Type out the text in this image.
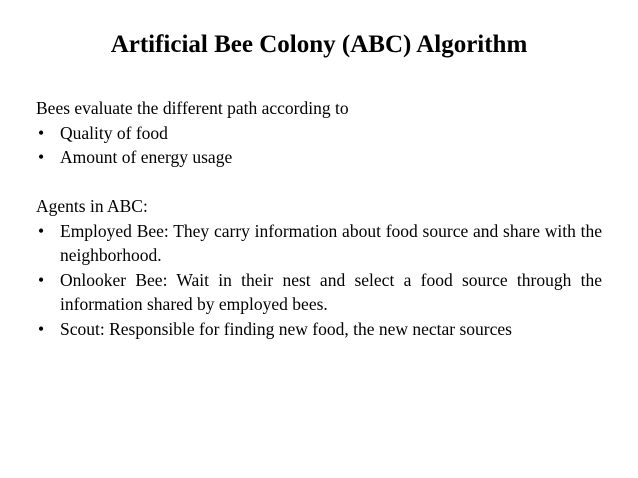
Artificial Bee Colony (ABC) Algorithm
Bees evaluate the different path according to
• Quality of food
• Amount of energy usage
Agents in ABC:
• Employed Bee: They carry information about food source and share with the neighborhood.
• Onlooker Bee: Wait in their nest and select a food source through the information shared by employed bees.
• Scout: Responsible for finding new food, the new nectar sources
